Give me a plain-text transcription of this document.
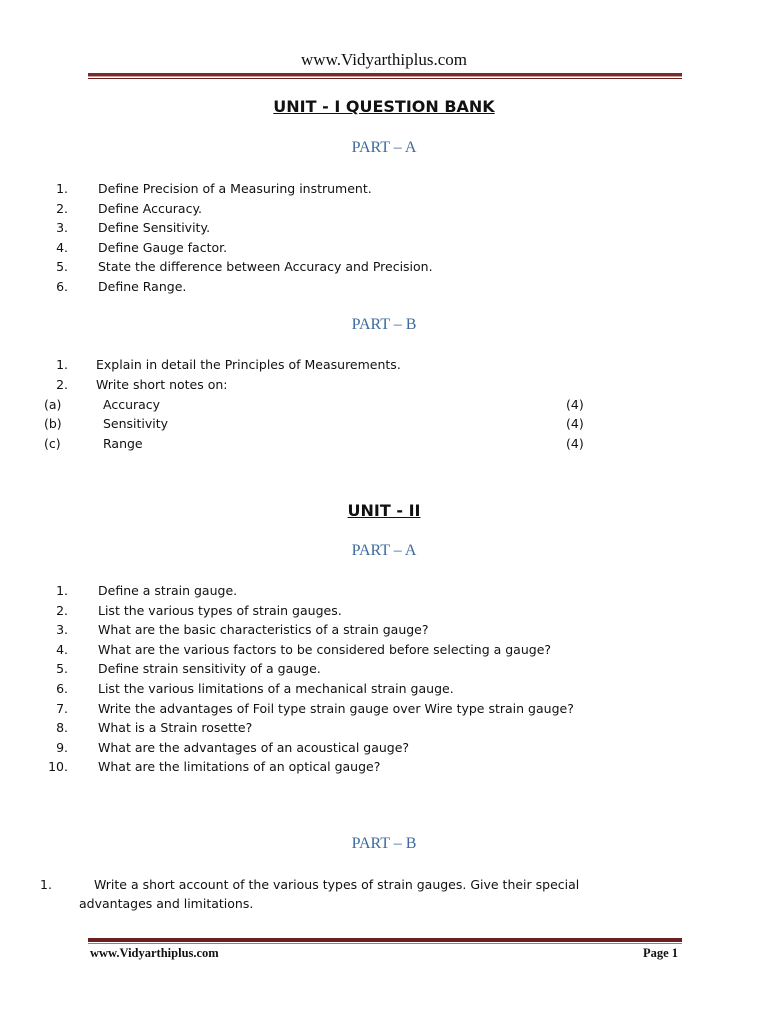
www.Vidyarthiplus.com
UNIT - I QUESTION BANK
PART – A
1. Define Precision of a Measuring instrument.
2. Define Accuracy.
3. Define Sensitivity.
4. Define Gauge factor.
5. State the difference between Accuracy and Precision.
6. Define Range.
PART – B
1. Explain in detail the Principles of Measurements.
2. Write short notes on:
(a)	Accuracy	(4)
(b)	Sensitivity	(4)
(c)	Range	(4)
UNIT - II
PART – A
1. Define a strain gauge.
2. List the various types of strain gauges.
3. What are the basic characteristics of a strain gauge?
4. What are the various factors to be considered before selecting a gauge?
5. Define strain sensitivity of a gauge.
6. List the various limitations of a mechanical strain gauge.
7. Write the advantages of Foil type strain gauge over Wire type strain gauge?
8. What is a Strain rosette?
9. What are the advantages of an acoustical gauge?
10. What are the limitations of an optical gauge?
PART – B
1.	Write a short account of the various types of strain gauges. Give their special
advantages and limitations.
www.Vidyarthiplus.com	Page 1
